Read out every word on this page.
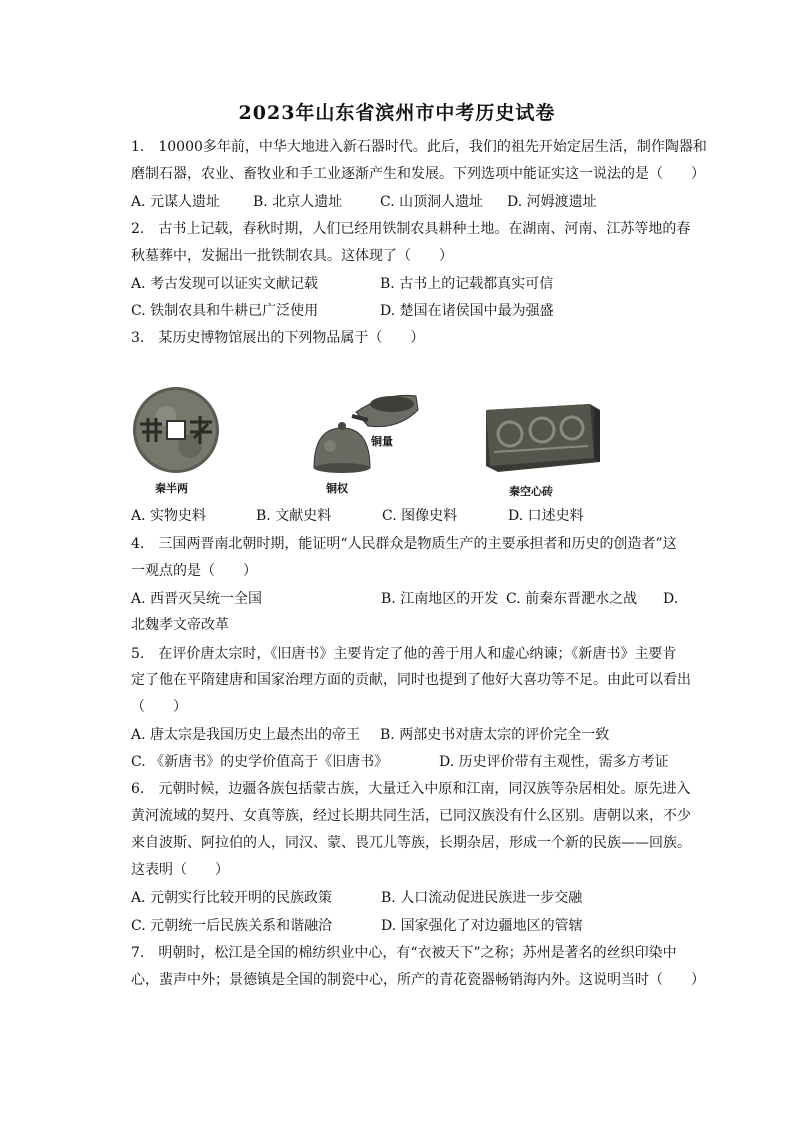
2023年山东省滨州市中考历史试卷
1.　10000多年前，中华大地进入新石器时代。此后，我们的祖先开始定居生活，制作陶器和
磨制石器，农业、畜牧业和手工业逐渐产生和发展。下列选项中能证实这一说法的是（　　）
A. 元谋人遗址 B. 北京人遗址	C. 山顶洞人遗址 D. 河姆渡遗址
2.　古书上记载，春秋时期，人们已经用铁制农具耕种土地。在湖南、河南、江苏等地的春
秋墓葬中，发掘出一批铁制农具。这体现了（　　）
A. 考古发现可以证实文献记载	B. 古书上的记载都真实可信
C. 铁制农具和牛耕已广泛使用	D. 楚国在诸侯国中最为强盛
3.　某历史博物馆展出的下列物品属于（　　）
秦半两	铜权
铜量
秦空心砖
A. 实物史料	B. 文献史料	C. 图像史料	D. 口述史料
4.　三国两晋南北朝时期，能证明“人民群众是物质生产的主要承担者和历史的创造者”这
一观点的是（　　）
A. 西晋灭吴统一全国	B. 江南地区的开发 C. 前秦东晋淝水之战 D.
北魏孝文帝改革
5.　在评价唐太宗时，《旧唐书》主要肯定了他的善于用人和虚心纳谏；《新唐书》主要肯
定了他在平隋建唐和国家治理方面的贡献，同时也提到了他好大喜功等不足。由此可以看出
（　　）
A. 唐太宗是我国历史上最杰出的帝王 B. 两部史书对唐太宗的评价完全一致
C. 《新唐书》的史学价值高于《旧唐书》	D. 历史评价带有主观性，需多方考证
6.　元朝时候，边疆各族包括蒙古族，大量迁入中原和江南，同汉族等杂居相处。原先进入
黄河流域的契丹、女真等族，经过长期共同生活，已同汉族没有什么区别。唐朝以来，不少
来自波斯、阿拉伯的人，同汉、蒙、畏兀儿等族，长期杂居，形成一个新的民族——回族。
这表明（　　）
A. 元朝实行比较开明的民族政策	B. 人口流动促进民族进一步交融
C. 元朝统一后民族关系和谐融洽	D. 国家强化了对边疆地区的管辖
7.　明朝时，松江是全国的棉纺织业中心，有“衣被天下”之称；苏州是著名的丝织印染中
心，蜚声中外；景德镇是全国的制瓷中心，所产的青花瓷器畅销海内外。这说明当时（　　）
